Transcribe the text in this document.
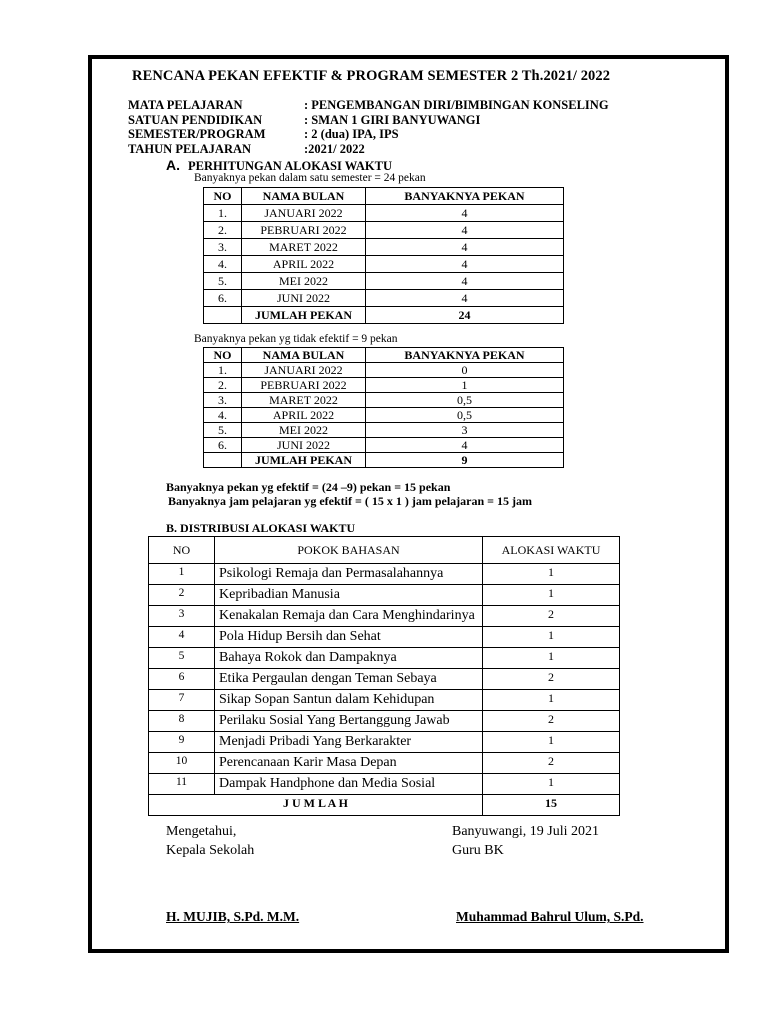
RENCANA PEKAN EFEKTIF & PROGRAM SEMESTER 2 Th.2021/ 2022
MATA PELAJARAN	: PENGEMBANGAN DIRI/BIMBINGAN KONSELING
SATUAN PENDIDIKAN	: SMAN 1 GIRI BANYUWANGI
SEMESTER/PROGRAM	: 2 (dua) IPA, IPS
TAHUN PELAJARAN	:2021/ 2022
A. PERHITUNGAN ALOKASI WAKTU
Banyaknya pekan dalam satu semester = 24 pekan
NO	NAMA BULAN	BANYAKNYA PEKAN
1.	JANUARI 2022	4
2.	PEBRUARI 2022	4
3.	MARET 2022	4
4.	APRIL 2022	4
5.	MEI 2022	4
6.	JUNI 2022	4
	JUMLAH PEKAN	24
Banyaknya pekan yg tidak efektif = 9 pekan
NO	NAMA BULAN	BANYAKNYA PEKAN
1.	JANUARI 2022	0
2.	PEBRUARI 2022	1
3.	MARET 2022	0,5
4.	APRIL 2022	0,5
5.	MEI 2022	3
6.	JUNI 2022	4
	JUMLAH PEKAN	9
Banyaknya pekan yg efektif = (24 –9) pekan = 15 pekan
Banyaknya jam pelajaran yg efektif = ( 15 x 1 ) jam pelajaran = 15 jam
B. DISTRIBUSI ALOKASI WAKTU
NO	POKOK BAHASAN	ALOKASI WAKTU
1	Psikologi Remaja dan Permasalahannya	1
2	Kepribadian Manusia	1
3	Kenakalan Remaja dan Cara Menghindarinya	2
4	Pola Hidup Bersih dan Sehat	1
5	Bahaya Rokok dan Dampaknya	1
6	Etika Pergaulan dengan Teman Sebaya	2
7	Sikap Sopan Santun dalam Kehidupan	1
8	Perilaku Sosial Yang Bertanggung Jawab	2
9	Menjadi Pribadi Yang Berkarakter	1
10	Perencanaan Karir Masa Depan	2
11	Dampak Handphone dan Media Sosial	1
J U M L A H		15
Mengetahui,
Kepala Sekolah
Banyuwangi, 19 Juli 2021
Guru BK
H. MUJIB, S.Pd. M.M.	Muhammad Bahrul Ulum, S.Pd.
